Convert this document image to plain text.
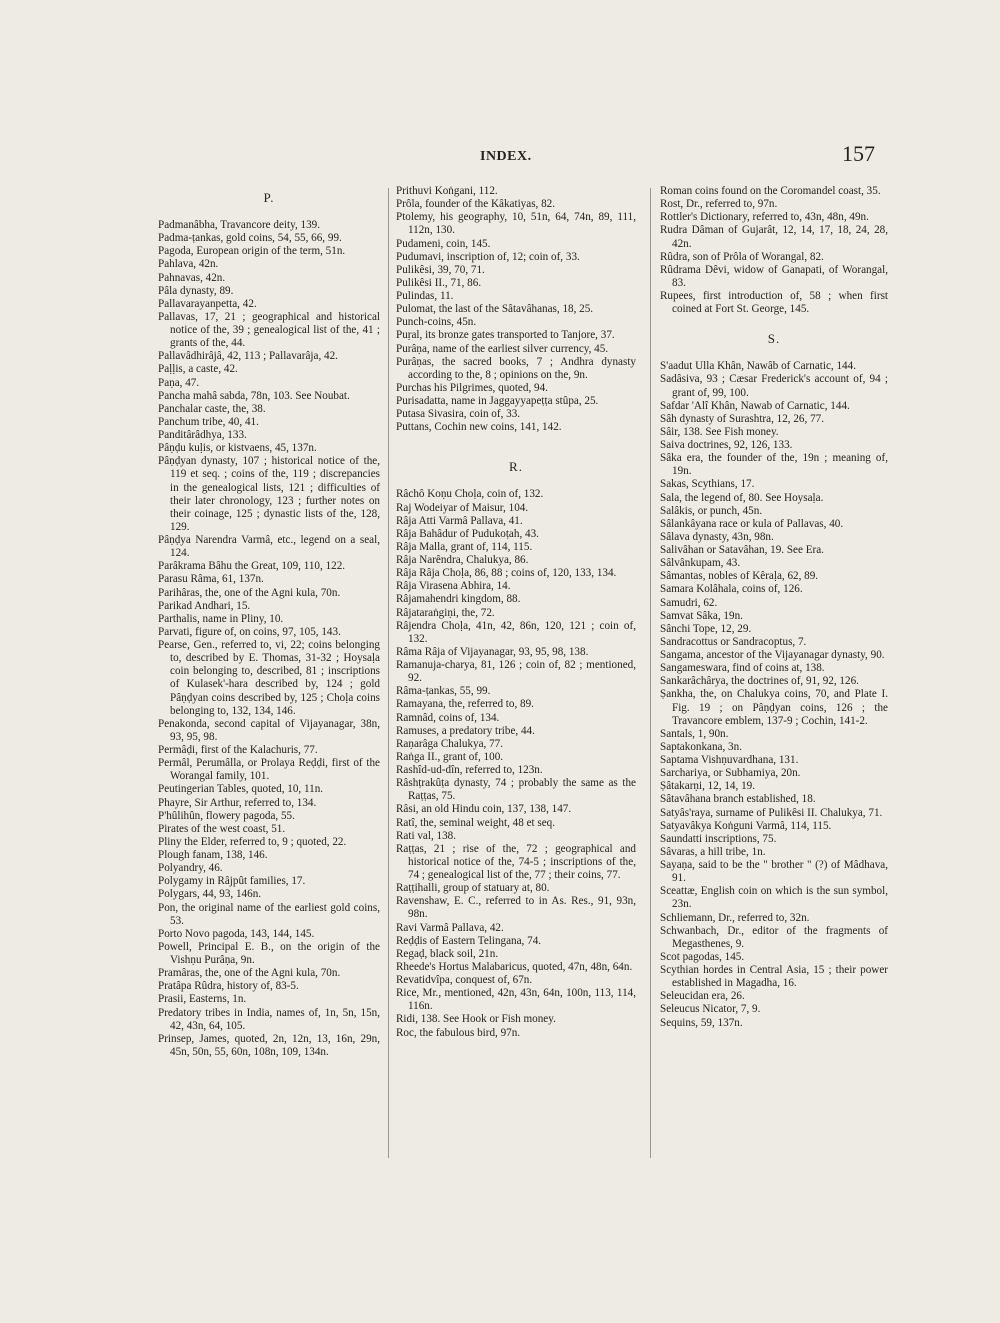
INDEX.	157
P.
Padmanâbha, Travancore deity, 139.
Padma-ṭankas, gold coins, 54, 55, 66, 99.
Pagoda, European origin of the term, 51n.
Pahlava, 42n.
Pahnavas, 42n.
Pâla dynasty, 89.
Pallavarayanpetta, 42.
Pallavas, 17, 21 ; geographical and historical notice of the, 39 ; genealogical list of the, 41 ; grants of the, 44.
Pallavâdhirâjâ, 42, 113 ; Pallavarâja, 42.
Paḷḷis, a caste, 42.
Paṇa, 47.
Pancha mahâ sabda, 78n, 103. See Noubat.
Panchalar caste, the, 38.
Panchum tribe, 40, 41.
Panditârâdhya, 133.
Pâṇḍu kuḷis, or kistvaens, 45, 137n.
Pâṇḍyan dynasty, 107 ; historical notice of the, 119 et seq. ; coins of the, 119 ; discrepancies in the genealogical lists, 121 ; difficulties of their later chronology, 123 ; further notes on their coinage, 125 ; dynastic lists of the, 128, 129.
Pâṇḍya Narendra Varmâ, etc., legend on a seal, 124.
Parâkrama Bâhu the Great, 109, 110, 122.
Parasu Râma, 61, 137n.
Parihâras, the, one of the Agni kula, 70n.
Parikad Andhari, 15.
Parthalis, name in Pliny, 10.
Parvati, figure of, on coins, 97, 105, 143.
Pearse, Gen., referred to, vi, 22; coins belonging to, described by E. Thomas, 31-32 ; Hoysaḷa coin belonging to, described, 81 ; inscriptions of Kulasek'-hara described by, 124 ; gold Pâṇḍyan coins described by, 125 ; Choḷa coins belonging to, 132, 134, 146.
Penakonda, second capital of Vijayanagar, 38n, 93, 95, 98.
Permâḍi, first of the Kalachuris, 77.
Permâl, Perumâlla, or Prolaya Reḍḍi, first of the Worangal family, 101.
Peutingerian Tables, quoted, 10, 11n.
Phayre, Sir Arthur, referred to, 134.
P'hûlihûn, flowery pagoda, 55.
Pirates of the west coast, 51.
Pliny the Elder, referred to, 9 ; quoted, 22.
Plough fanam, 138, 146.
Polyandry, 46.
Polygamy in Râjpût families, 17.
Polygars, 44, 93, 146n.
Pon, the original name of the earliest gold coins, 53.
Porto Novo pagoda, 143, 144, 145.
Powell, Principal E. B., on the origin of the Vishṇu Purâṇa, 9n.
Pramâras, the, one of the Agni kula, 70n.
Pratâpa Rûdra, history of, 83-5.
Prasii, Easterns, 1n.
Predatory tribes in India, names of, 1n, 5n, 15n, 42, 43n, 64, 105.
Prinsep, James, quoted, 2n, 12n, 13, 16n, 29n, 45n, 50n, 55, 60n, 108n, 109, 134n.
Prithuvi Koṅgani, 112.
Prôla, founder of the Kâkatiyas, 82.
Ptolemy, his geography, 10, 51n, 64, 74n, 89, 111, 112n, 130.
Pudameni, coin, 145.
Pudumavi, inscription of, 12; coin of, 33.
Pulikêsi, 39, 70, 71.
Pulikêsi II., 71, 86.
Pulindas, 11.
Pulomat, the last of the Sâtavâhanas, 18, 25.
Punch-coins, 45n.
Puṛal, its bronze gates transported to Tanjore, 37.
Purâṇa, name of the earliest silver currency, 45.
Purâṇas, the sacred books, 7 ; Andhra dynasty according to the, 8 ; opinions on the, 9n.
Purchas his Pilgrimes, quoted, 94.
Purisadatta, name in Jaggayyapeṭṭa stûpa, 25.
Putasa Sivasira, coin of, 33.
Puttans, Cochin new coins, 141, 142.
R.
Râchô Koṇu Choḷa, coin of, 132.
Raj Wodeiyar of Maisur, 104.
Râja Atti Varmâ Pallava, 41.
Râja Bahâdur of Pudukoṭah, 43.
Râja Malla, grant of, 114, 115.
Râja Narêndra, Chalukya, 86.
Râja Râja Choḷa, 86, 88 ; coins of, 120, 133, 134.
Râja Virasena Abhira, 14.
Râjamahendri kingdom, 88.
Râjataraṅgiṇi, the, 72.
Râjendra Choḷa, 41n, 42, 86n, 120, 121 ; coin of, 132.
Râma Râja of Vijayanagar, 93, 95, 98, 138.
Ramanuja-charya, 81, 126 ; coin of, 82 ; mentioned, 92.
Râma-ṭankas, 55, 99.
Ramayana, the, referred to, 89.
Ramnâd, coins of, 134.
Ramuses, a predatory tribe, 44.
Raṇarâga Chalukya, 77.
Raṅga II., grant of, 100.
Rashîd-ud-dîn, referred to, 123n.
Râshṭrakûṭa dynasty, 74 ; probably the same as the Raṭṭas, 75.
Râsi, an old Hindu coin, 137, 138, 147.
Ratî, the, seminal weight, 48 et seq.
Rati val, 138.
Raṭṭas, 21 ; rise of the, 72 ; geographical and historical notice of the, 74-5 ; inscriptions of the, 74 ; genealogical list of the, 77 ; their coins, 77.
Raṭṭihalli, group of statuary at, 80.
Ravenshaw, E. C., referred to in As. Res., 91, 93n, 98n.
Ravi Varmâ Pallava, 42.
Reḍḍis of Eastern Telingana, 74.
Regaḍ, black soil, 21n.
Rheede's Hortus Malabaricus, quoted, 47n, 48n, 64n.
Revatidvîpa, conquest of, 67n.
Rice, Mr., mentioned, 42n, 43n, 64n, 100n, 113, 114, 116n.
Ridi, 138. See Hook or Fish money.
Roc, the fabulous bird, 97n.
Roman coins found on the Coromandel coast, 35.
Rost, Dr., referred to, 97n.
Rottler's Dictionary, referred to, 43n, 48n, 49n.
Rudra Dâman of Gujarât, 12, 14, 17, 18, 24, 28, 42n.
Rûdra, son of Prôla of Worangal, 82.
Rûdrama Dêvi, widow of Ganapati, of Worangal, 83.
Rupees, first introduction of, 58 ; when first coined at Fort St. George, 145.
S.
S'aadut Ulla Khân, Nawâb of Carnatic, 144.
Sadâsiva, 93 ; Cæsar Frederick's account of, 94 ; grant of, 99, 100.
Safdar 'Alî Khân, Nawab of Carnatic, 144.
Sâh dynasty of Surashtra, 12, 26, 77.
Sâir, 138. See Fish money.
Saiva doctrines, 92, 126, 133.
Sâka era, the founder of the, 19n ; meaning of, 19n.
Sakas, Scythians, 17.
Sala, the legend of, 80. See Hoysaḷa.
Salâkis, or punch, 45n.
Sâlankâyana race or kula of Pallavas, 40.
Sâlava dynasty, 43n, 98n.
Salivâhan or Satavâhan, 19. See Era.
Sâlvânkupam, 43.
Sâmantas, nobles of Kêraḷa, 62, 89.
Samara Kolâhala, coins of, 126.
Samudri, 62.
Samvat Sâka, 19n.
Sânchi Tope, 12, 29.
Sandracottus or Sandracoptus, 7.
Sangama, ancestor of the Vijayanagar dynasty, 90.
Sangameswara, find of coins at, 138.
Sankarâchârya, the doctrines of, 91, 92, 126.
Ṣankha, the, on Chalukya coins, 70, and Plate I. Fig. 19 ; on Pâṇḍyan coins, 126 ; the Travancore emblem, 137-9 ; Cochin, 141-2.
Santals, 1, 90n.
Saptakonkana, 3n.
Saptama Vishṇuvardhana, 131.
Sarchariya, or Subhamiya, 20n.
Ṣâtakarṇi, 12, 14, 19.
Sâtavâhana branch established, 18.
Satyâs'raya, surname of Pulikêsi II. Chalukya, 71.
Satyavâkya Koṅguni Varmâ, 114, 115.
Saundatti inscriptions, 75.
Sâvaras, a hill tribe, 1n.
Sayaṇa, said to be the " brother " (?) of Mâdhava, 91.
Sceattæ, English coin on which is the sun symbol, 23n.
Schliemann, Dr., referred to, 32n.
Schwanbach, Dr., editor of the fragments of Megasthenes, 9.
Scot pagodas, 145.
Scythian hordes in Central Asia, 15 ; their power established in Magadha, 16.
Seleucidan era, 26.
Seleucus Nicator, 7, 9.
Sequins, 59, 137n.
